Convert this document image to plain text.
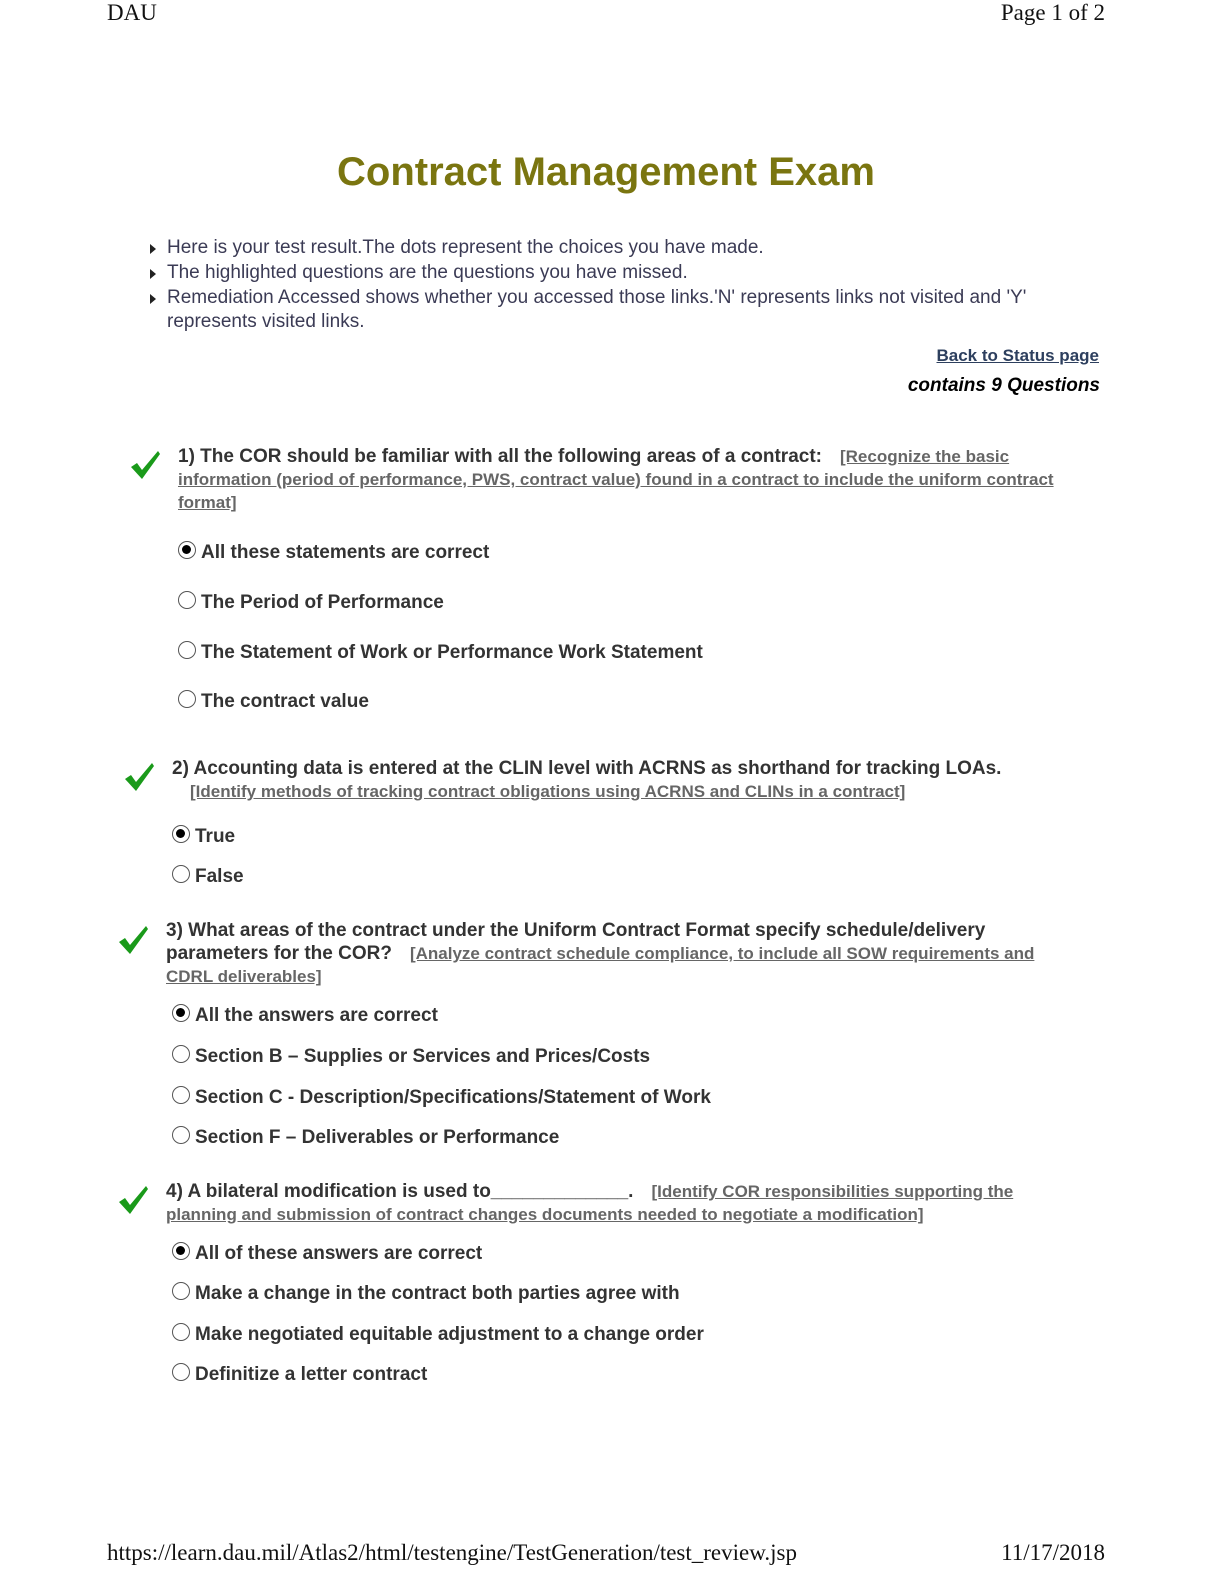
DAU	Page 1 of 2
Contract Management Exam
Here is your test result.The dots represent the choices you have made.
The highlighted questions are the questions you have missed.
Remediation Accessed shows whether you accessed those links.'N' represents links not visited and 'Y' represents visited links.
Back to Status page
contains 9 Questions
1) The COR should be familiar with all the following areas of a contract: [Recognize the basic information (period of performance, PWS, contract value) found in a contract to include the uniform contract format]
All these statements are correct
The Period of Performance
The Statement of Work or Performance Work Statement
The contract value
2) Accounting data is entered at the CLIN level with ACRNS as shorthand for tracking LOAs.[Identify methods of tracking contract obligations using ACRNS and CLINs in a contract]
True
False
3) What areas of the contract under the Uniform Contract Format specify schedule/delivery parameters for the COR? [Analyze contract schedule compliance, to include all SOW requirements and CDRL deliverables]
All the answers are correct
Section B – Supplies or Services and Prices/Costs
Section C - Description/Specifications/Statement of Work
Section F – Deliverables or Performance
4) A bilateral modification is used to_____________. [Identify COR responsibilities supporting the planning and submission of contract changes documents needed to negotiate a modification]
All of these answers are correct
Make a change in the contract both parties agree with
Make negotiated equitable adjustment to a change order
Definitize a letter contract
https://learn.dau.mil/Atlas2/html/testengine/TestGeneration/test_review.jsp	11/17/2018
